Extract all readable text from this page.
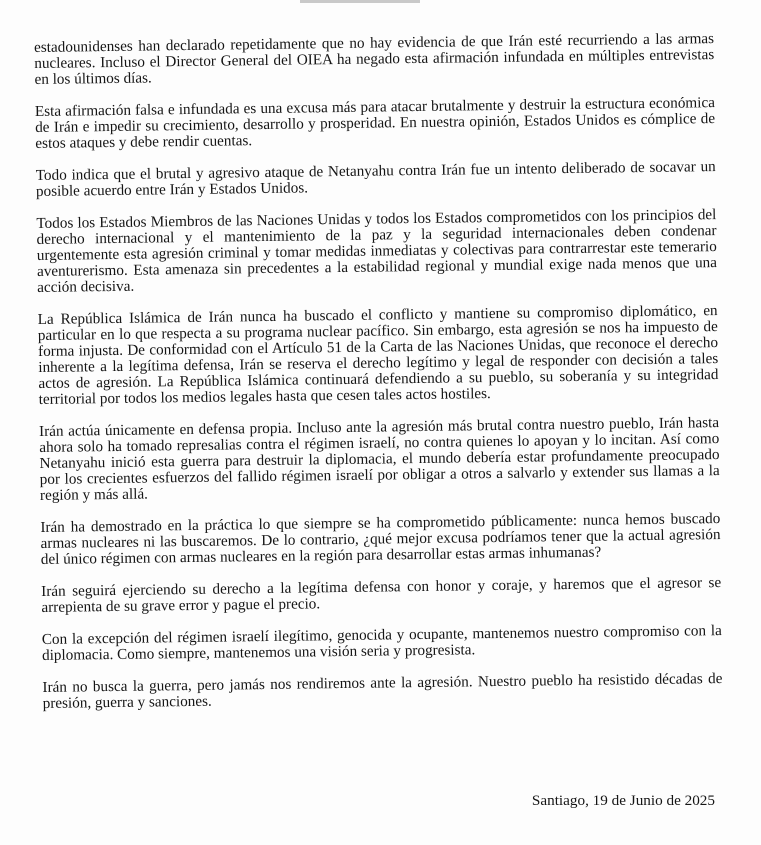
estadounidenses han declarado repetidamente que no hay evidencia de que Irán esté recurriendo a las armas nucleares. Incluso el Director General del OIEA ha negado esta afirmación infundada en múltiples entrevistas en los últimos días.

Esta afirmación falsa e infundada es una excusa más para atacar brutalmente y destruir la estructura económica de Irán e impedir su crecimiento, desarrollo y prosperidad. En nuestra opinión, Estados Unidos es cómplice de estos ataques y debe rendir cuentas.

Todo indica que el brutal y agresivo ataque de Netanyahu contra Irán fue un intento deliberado de socavar un posible acuerdo entre Irán y Estados Unidos.

Todos los Estados Miembros de las Naciones Unidas y todos los Estados comprometidos con los principios del derecho internacional y el mantenimiento de la paz y la seguridad internacionales deben condenar urgentemente esta agresión criminal y tomar medidas inmediatas y colectivas para contrarrestar este temerario aventurerismo. Esta amenaza sin precedentes a la estabilidad regional y mundial exige nada menos que una acción decisiva.

La República Islámica de Irán nunca ha buscado el conflicto y mantiene su compromiso diplomático, en particular en lo que respecta a su programa nuclear pacífico. Sin embargo, esta agresión se nos ha impuesto de forma injusta. De conformidad con el Artículo 51 de la Carta de las Naciones Unidas, que reconoce el derecho inherente a la legítima defensa, Irán se reserva el derecho legítimo y legal de responder con decisión a tales actos de agresión. La República Islámica continuará defendiendo a su pueblo, su soberanía y su integridad territorial por todos los medios legales hasta que cesen tales actos hostiles.

Irán actúa únicamente en defensa propia. Incluso ante la agresión más brutal contra nuestro pueblo, Irán hasta ahora solo ha tomado represalias contra el régimen israelí, no contra quienes lo apoyan y lo incitan. Así como Netanyahu inició esta guerra para destruir la diplomacia, el mundo debería estar profundamente preocupado por los crecientes esfuerzos del fallido régimen israelí por obligar a otros a salvarlo y extender sus llamas a la región y más allá.

Irán ha demostrado en la práctica lo que siempre se ha comprometido públicamente: nunca hemos buscado armas nucleares ni las buscaremos. De lo contrario, ¿qué mejor excusa podríamos tener que la actual agresión del único régimen con armas nucleares en la región para desarrollar estas armas inhumanas?

Irán seguirá ejerciendo su derecho a la legítima defensa con honor y coraje, y haremos que el agresor se arrepienta de su grave error y pague el precio.

Con la excepción del régimen israelí ilegítimo, genocida y ocupante, mantenemos nuestro compromiso con la diplomacia. Como siempre, mantenemos una visión seria y progresista.

Irán no busca la guerra, pero jamás nos rendiremos ante la agresión. Nuestro pueblo ha resistido décadas de presión, guerra y sanciones.

Santiago, 19 de Junio de 2025
